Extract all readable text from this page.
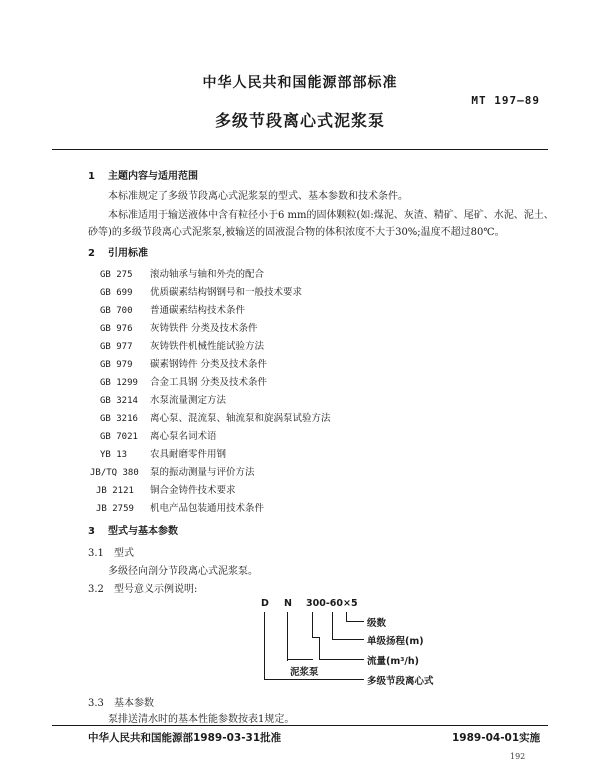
中华人民共和国能源部部标准
MT 197—89
多级节段离心式泥浆泵
1 主题内容与适用范围
本标准规定了多级节段离心式泥浆泵的型式、基本参数和技术条件。
本标准适用于输送液体中含有粒径小于6 mm的固体颗粒(如:煤泥、灰渣、精矿、尾矿、水泥、泥土、
砂等)的多级节段离心式泥浆泵,被输送的固液混合物的体积浓度不大于30%;温度不超过80℃。
2 引用标准
GB 275 滚动轴承与轴和外壳的配合
GB 699 优质碳素结构钢钢号和一般技术要求
GB 700 普通碳素结构技术条件
GB 976 灰铸铁件 分类及技术条件
GB 977 灰铸铁件机械性能试验方法
GB 979 碳素钢铸件 分类及技术条件
GB 1299 合金工具钢 分类及技术条件
GB 3214 水泵流量测定方法
GB 3216 离心泵、混流泵、轴流泵和旋涡泵试验方法
GB 7021 离心泵名词术语
YB 13 农具耐磨零件用钢
JB/TQ 380 泵的振动测量与评价方法
JB 2121 铜合金铸件技术要求
JB 2759 机电产品包装通用技术条件
3 型式与基本参数
3.1 型式
多级径向剖分节段离心式泥浆泵。
3.2 型号意义示例说明:
D N 300-60×5
级数
单级扬程(m)
流量(m³/h)
泥浆泵
多级节段离心式
3.3 基本参数
泵排送清水时的基本性能参数按表1规定。
中华人民共和国能源部1989-03-31批准	1989-04-01实施
192
